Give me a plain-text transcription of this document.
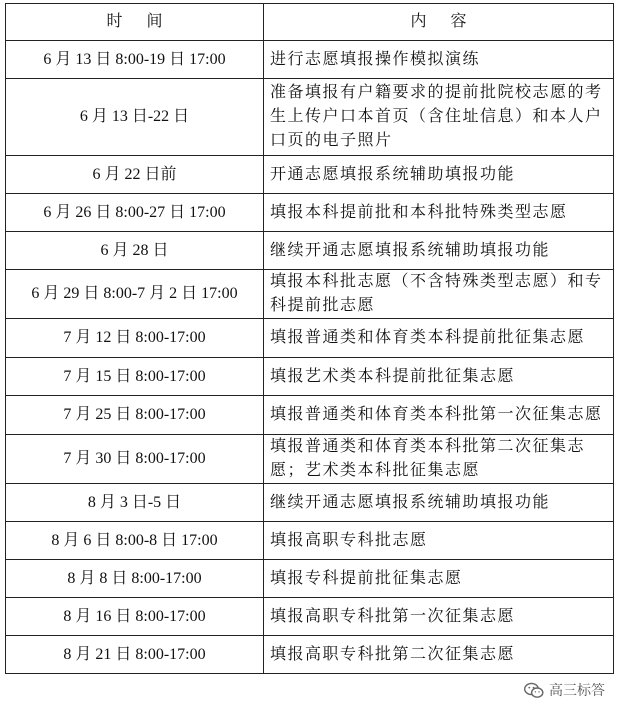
时间	内容
6 月 13 日 8:00-19 日 17:00	进行志愿填报操作模拟演练
6 月 13 日-22 日	准备填报有户籍要求的提前批院校志愿的考生上传户口本首页（含住址信息）和本人户口页的电子照片
6 月 22 日前	开通志愿填报系统辅助填报功能
6 月 26 日 8:00-27 日 17:00	填报本科提前批和本科批特殊类型志愿
6 月 28 日	继续开通志愿填报系统辅助填报功能
6 月 29 日 8:00-7 月 2 日 17:00	填报本科批志愿（不含特殊类型志愿）和专科提前批志愿
7 月 12 日 8:00-17:00	填报普通类和体育类本科提前批征集志愿
7 月 15 日 8:00-17:00	填报艺术类本科提前批征集志愿
7 月 25 日 8:00-17:00	填报普通类和体育类本科批第一次征集志愿
7 月 30 日 8:00-17:00	填报普通类和体育类本科批第二次征集志愿；艺术类本科批征集志愿
8 月 3 日-5 日	继续开通志愿填报系统辅助填报功能
8 月 6 日 8:00-8 日 17:00	填报高职专科批志愿
8 月 8 日 8:00-17:00	填报专科提前批征集志愿
8 月 16 日 8:00-17:00	填报高职专科批第一次征集志愿
8 月 21 日 8:00-17:00	填报高职专科批第二次征集志愿
高三标答
